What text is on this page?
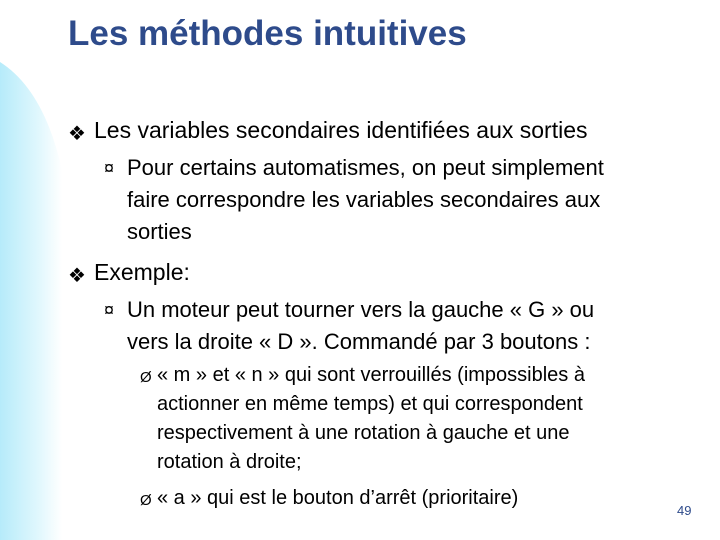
Les méthodes intuitives
❖ Les variables secondaires identifiées aux sorties
¤ Pour certains automatismes, on peut simplement
faire correspondre les variables secondaires aux
sorties
❖ Exemple:
¤ Un moteur peut tourner vers la gauche « G » ou
vers la droite « D ». Commandé par 3 boutons :
Ø « m » et « n » qui sont verrouillés (impossibles à
actionner en même temps) et qui correspondent
respectivement à une rotation à gauche et une
rotation à droite;
Ø « a » qui est le bouton d’arrêt (prioritaire)
49
